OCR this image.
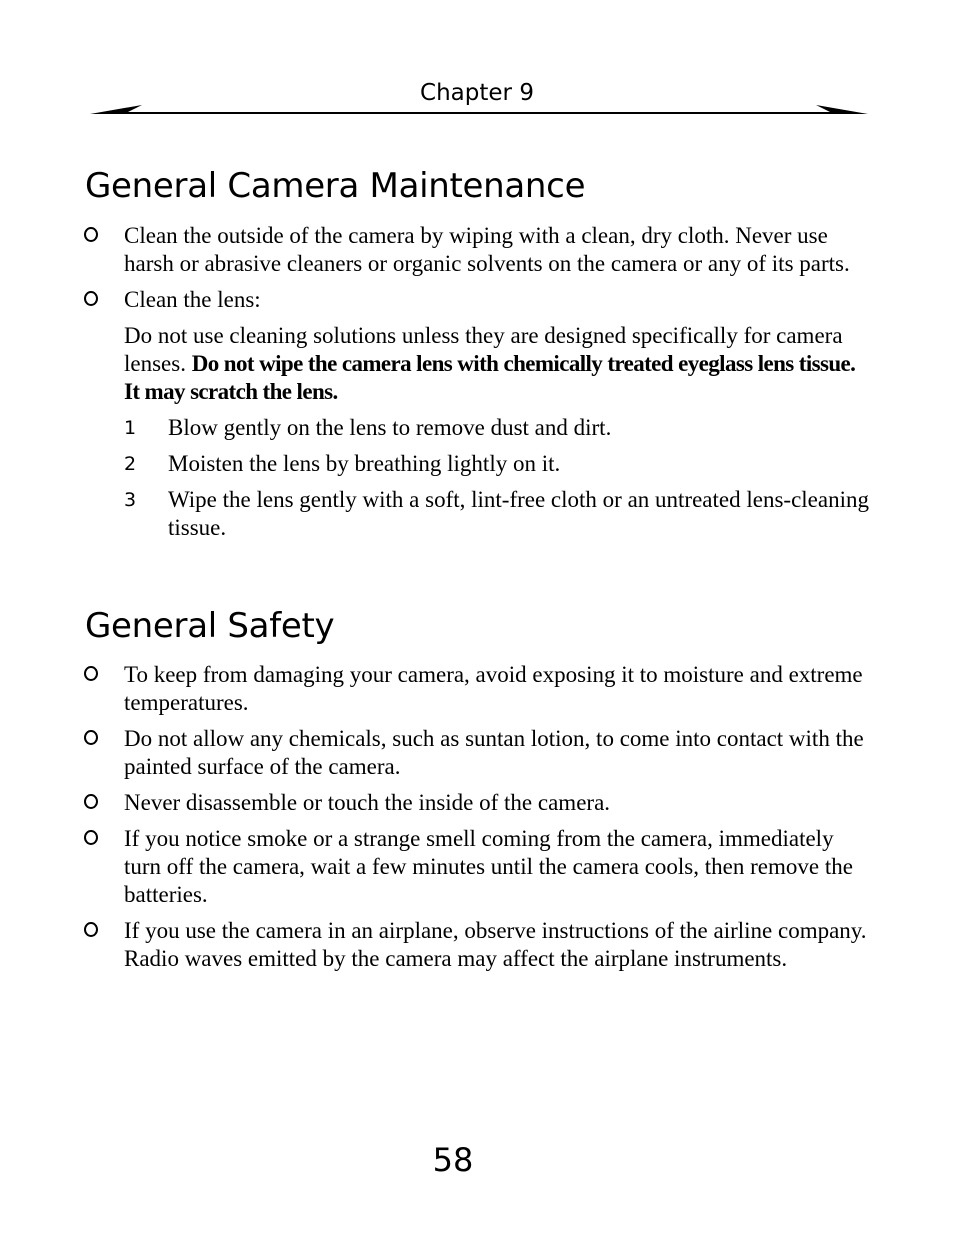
Chapter 9
General Camera Maintenance
Clean the outside of the camera by wiping with a clean, dry cloth. Never use harsh or abrasive cleaners or organic solvents on the camera or any of its parts.
Clean the lens:
Do not use cleaning solutions unless they are designed specifically for camera lenses. Do not wipe the camera lens with chemically treated eyeglass lens tissue. It may scratch the lens.
1 Blow gently on the lens to remove dust and dirt.
2 Moisten the lens by breathing lightly on it.
3 Wipe the lens gently with a soft, lint-free cloth or an untreated lens-cleaning tissue.
General Safety
To keep from damaging your camera, avoid exposing it to moisture and extreme temperatures.
Do not allow any chemicals, such as suntan lotion, to come into contact with the painted surface of the camera.
Never disassemble or touch the inside of the camera.
If you notice smoke or a strange smell coming from the camera, immediately turn off the camera, wait a few minutes until the camera cools, then remove the batteries.
If you use the camera in an airplane, observe instructions of the airline company. Radio waves emitted by the camera may affect the airplane instruments.
58
